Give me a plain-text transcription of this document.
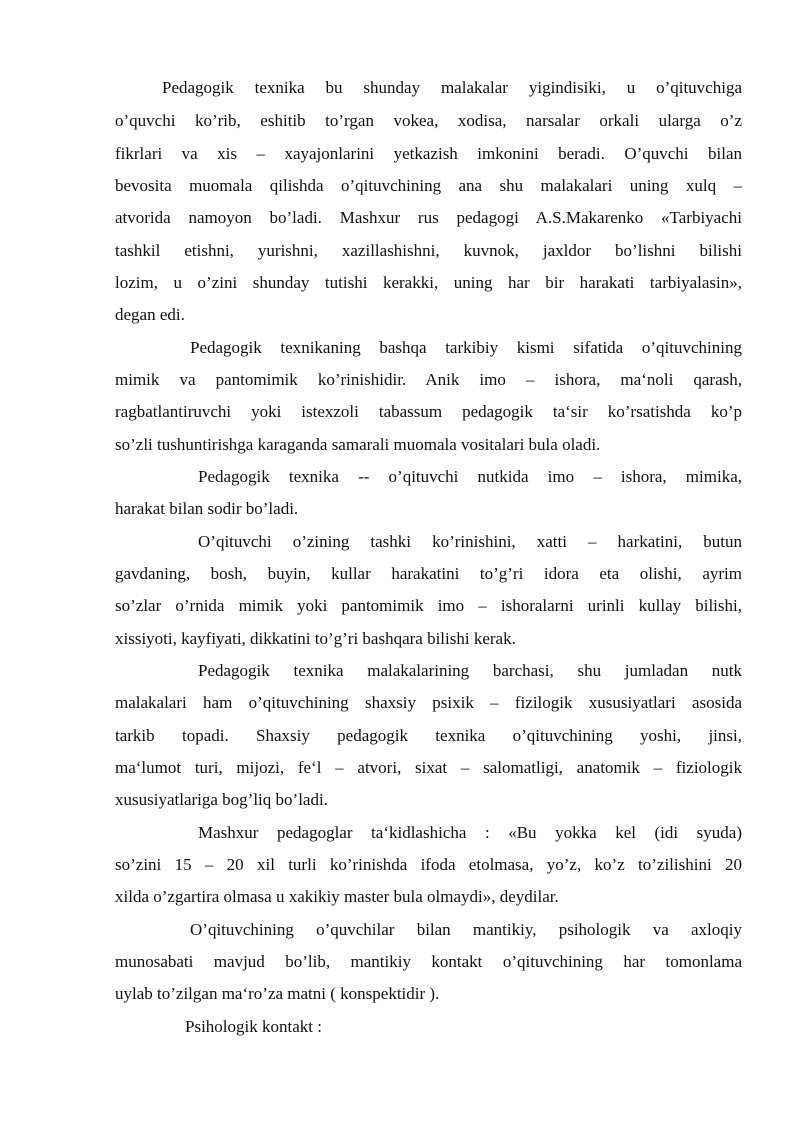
Pedagogik texnika bu shunday malakalar yigindisiki, u o’qituvchiga
o’quvchi ko’rib, eshitib to’rgan vokea, xodisa, narsalar orkali ularga o’z
fikrlari va xis – xayajonlarini yetkazish imkonini beradi. O’quvchi bilan
bevosita muomala qilishda o’qituvchining ana shu malakalari uning xulq –
atvorida namoyon bo’ladi. Mashxur rus pedagogi A.S.Makarenko «Tarbiyachi
tashkil etishni, yurishni, xazillashishni, kuvnok, jaxldor bo’lishni bilishi
lozim, u o’zini shunday tutishi kerakki, uning har bir harakati tarbiyalasin»,
degan edi.
Pedagogik texnikaning bashqa tarkibiy kismi sifatida o’qituvchining
mimik va pantomimik ko’rinishidir. Anik imo – ishora, ma‘noli qarash,
ragbatlantiruvchi yoki istexzoli tabassum pedagogik ta‘sir ko’rsatishda ko’p
so’zli tushuntirishga karaganda samarali muomala vositalari bula oladi.
Pedagogik texnika -- o’qituvchi nutkida imo – ishora, mimika,
harakat bilan sodir bo’ladi.
O’qituvchi o’zining tashki ko’rinishini, xatti – harkatini, butun
gavdaning, bosh, buyin, kullar harakatini to’g’ri idora eta olishi, ayrim
so’zlar o’rnida mimik yoki pantomimik imo – ishoralarni urinli kullay bilishi,
xissiyoti, kayfiyati, dikkatini to’g’ri bashqara bilishi kerak.
Pedagogik texnika malakalarining barchasi, shu jumladan nutk
malakalari ham o’qituvchining shaxsiy psixik – fizilogik xususiyatlari asosida
tarkib topadi. Shaxsiy pedagogik texnika o’qituvchining yoshi, jinsi,
ma‘lumot turi, mijozi, fe‘l – atvori, sixat – salomatligi, anatomik – fiziologik
xususiyatlariga bog’liq bo’ladi.
Mashxur pedagoglar ta‘kidlashicha : «Bu yokka kel (idi syuda)
so’zini 15 – 20 xil turli ko’rinishda ifoda etolmasa, yo’z, ko’z to’zilishini 20
xilda o’zgartira olmasa u xakikiy master bula olmaydi», deydilar.
O’qituvchining o’quvchilar bilan mantikiy, psihologik va axloqiy
munosabati mavjud bo’lib, mantikiy kontakt o’qituvchining har tomonlama
uylab to’zilgan ma‘ro’za matni ( konspektidir ).
Psihologik kontakt :
